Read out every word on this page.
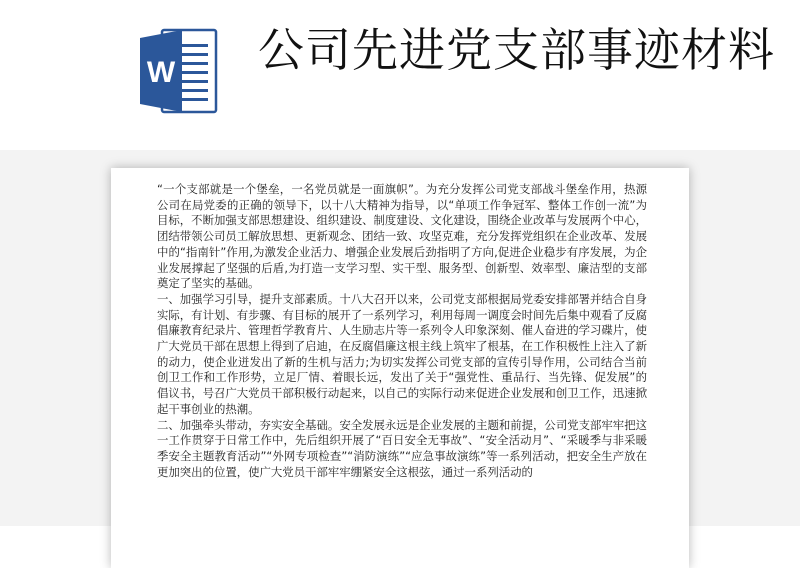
W 公司先进党支部事迹材料

“一个支部就是一个堡垒，一名党员就是一面旗帜”。为充分发挥公司党支部战斗堡垒作用，热源公司在局党委的正确的领导下，以十八大精神为指导，以“单项工作争冠军、整体工作创一流”为目标，不断加强支部思想建设、组织建设、制度建设、文化建设，围绕企业改革与发展两个中心，团结带领公司员工解放思想、更新观念、团结一致、攻坚克难，充分发挥党组织在企业改革、发展中的“指南针”作用,为激发企业活力、增强企业发展后劲指明了方向,促进企业稳步有序发展，为企业发展撑起了坚强的后盾,为打造一支学习型、实干型、服务型、创新型、效率型、廉洁型的支部奠定了坚实的基础。

一、加强学习引导，提升支部素质。十八大召开以来，公司党支部根据局党委安排部署并结合自身实际，有计划、有步骤、有目标的展开了一系列学习，利用每周一调度会时间先后集中观看了反腐倡廉教育纪录片、管理哲学教育片、人生励志片等一系列令人印象深刻、催人奋进的学习碟片，使广大党员干部在思想上得到了启迪，在反腐倡廉这根主线上筑牢了根基，在工作积极性上注入了新的动力，使企业迸发出了新的生机与活力;为切实发挥公司党支部的宣传引导作用，公司结合当前创卫工作和工作形势，立足厂情、着眼长远，发出了关于“强党性、重品行、当先锋、促发展”的倡议书，号召广大党员干部积极行动起来，以自己的实际行动来促进企业发展和创卫工作，迅速掀起干事创业的热潮。

二、加强牵头带动，夯实安全基础。安全发展永远是企业发展的主题和前提，公司党支部牢牢把这一工作贯穿于日常工作中，先后组织开展了“百日安全无事故”、“安全活动月”、“采暖季与非采暖季安全主题教育活动”“外网专项检查”“消防演练”“应急事故演练”等一系列活动，把安全生产放在更加突出的位置，使广大党员干部牢牢绷紧安全这根弦，通过一系列活动的
